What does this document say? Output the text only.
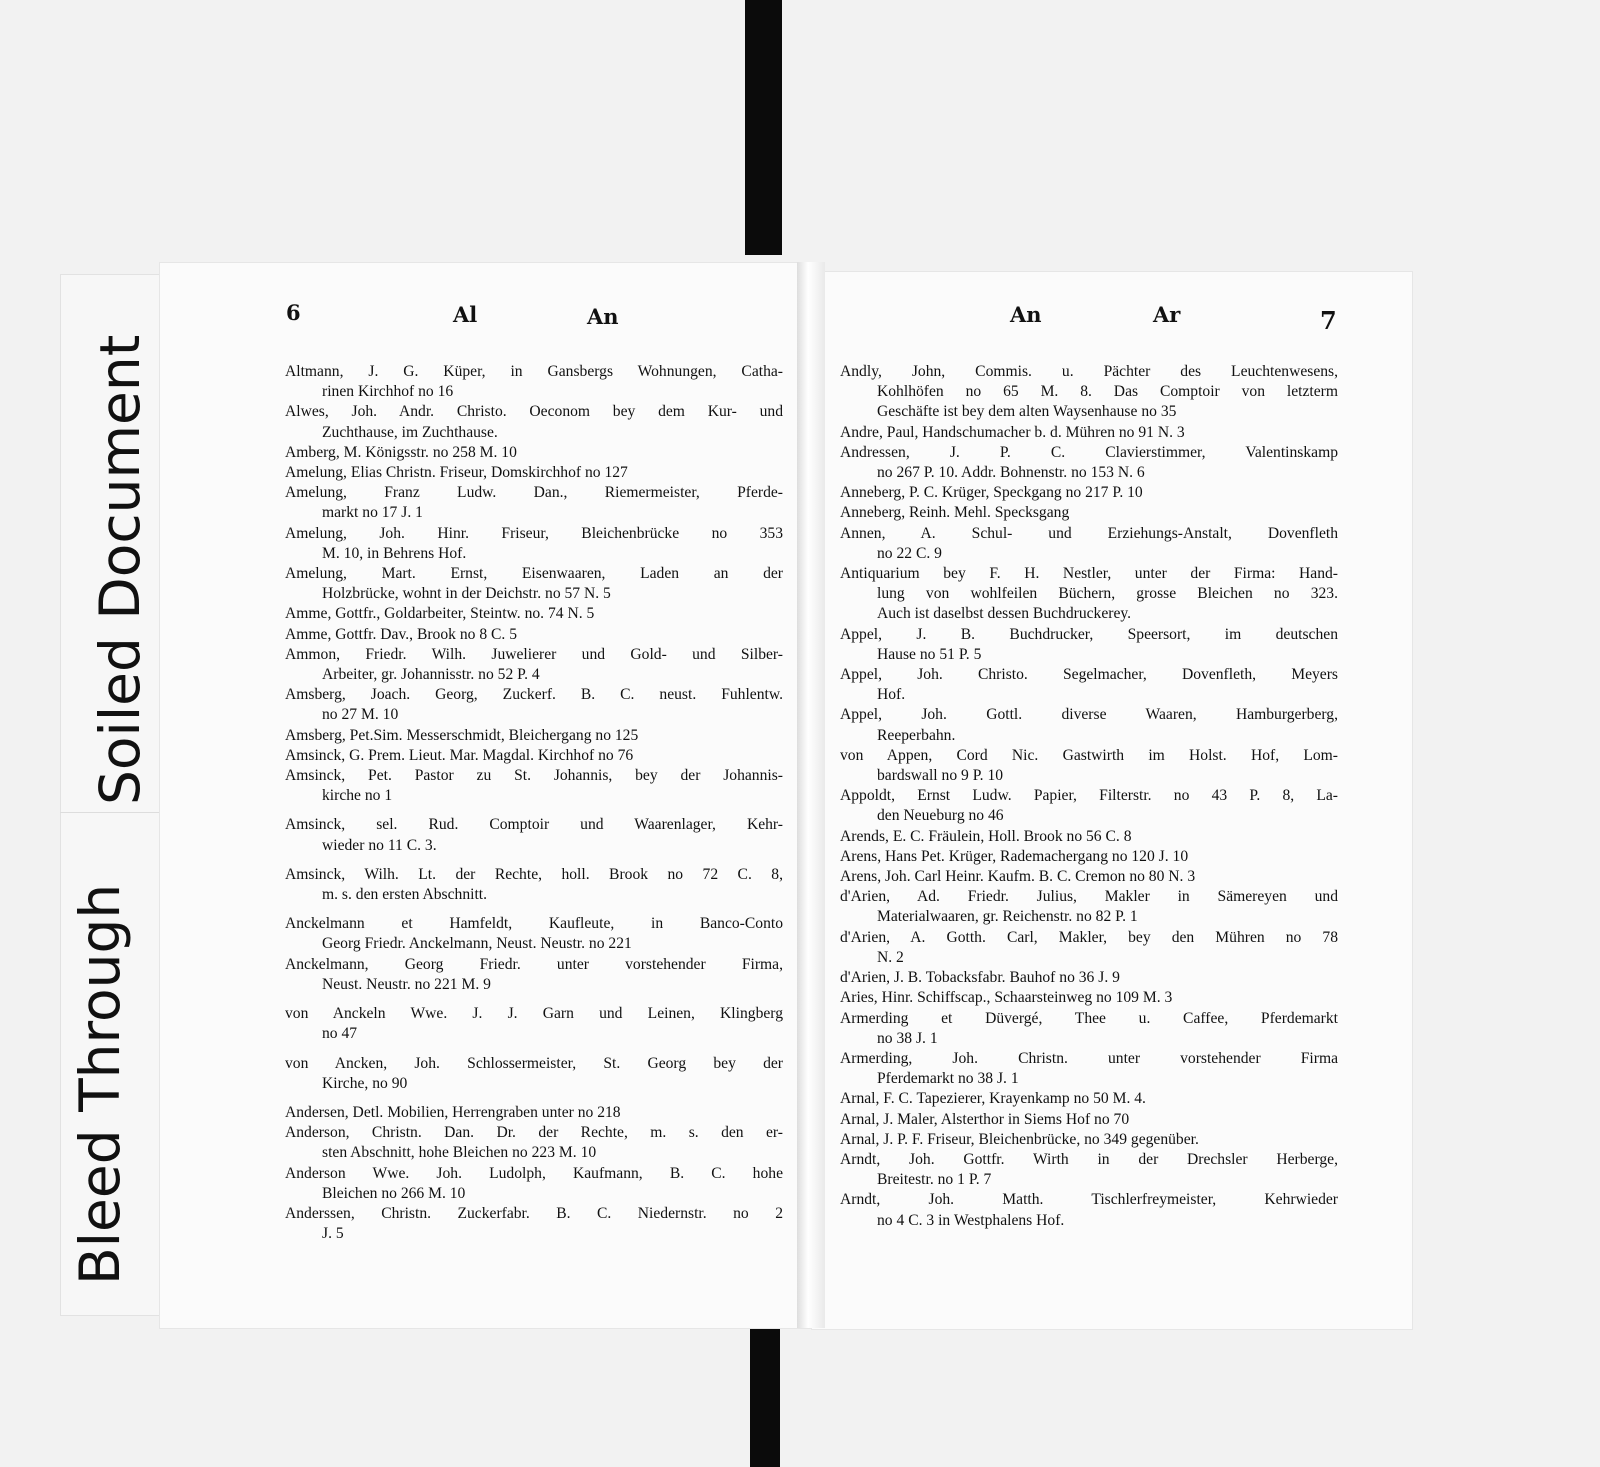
Soiled Document
Bleed Through
6	Al	An	An	Ar	7
Altmann, J. G. Küper, in Gansbergs Wohnungen, Catha-
rinen Kirchhof no 16
Alwes, Joh. Andr. Christo. Oeconom bey dem Kur- und
Zuchthause, im Zuchthause.
Amberg, M. Königsstr. no 258 M. 10
Amelung, Elias Christn. Friseur, Domskirchhof no 127
Amelung, Franz Ludw. Dan., Riemermeister, Pferde-
markt no 17 J. 1
Amelung, Joh. Hinr. Friseur, Bleichenbrücke no 353
M. 10, in Behrens Hof.
Amelung, Mart. Ernst, Eisenwaaren, Laden an der
Holzbrücke, wohnt in der Deichstr. no 57 N. 5
Amme, Gottfr., Goldarbeiter, Steintw. no. 74 N. 5
Amme, Gottfr. Dav., Brook no 8 C. 5
Ammon, Friedr. Wilh. Juwelierer und Gold- und Silber-
Arbeiter, gr. Johannisstr. no 52 P. 4
Amsberg, Joach. Georg, Zuckerf. B. C. neust. Fuhlentw.
no 27 M. 10
Amsberg, Pet.Sim. Messerschmidt, Bleichergang no 125
Amsinck, G. Prem. Lieut. Mar. Magdal. Kirchhof no 76
Amsinck, Pet. Pastor zu St. Johannis, bey der Johannis-
kirche no 1
Amsinck, sel. Rud. Comptoir und Waarenlager, Kehr-
wieder no 11 C. 3.
Amsinck, Wilh. Lt. der Rechte, holl. Brook no 72 C. 8,
m. s. den ersten Abschnitt.
Anckelmann et Hamfeldt, Kaufleute, in Banco-Conto
Georg Friedr. Anckelmann, Neust. Neustr. no 221
Anckelmann, Georg Friedr. unter vorstehender Firma,
Neust. Neustr. no 221 M. 9
von Anckeln Wwe. J. J. Garn und Leinen, Klingberg
no 47
von Ancken, Joh. Schlossermeister, St. Georg bey der
Kirche, no 90
Andersen, Detl. Mobilien, Herrengraben unter no 218
Anderson, Christn. Dan. Dr. der Rechte, m. s. den er-
sten Abschnitt, hohe Bleichen no 223 M. 10
Anderson Wwe. Joh. Ludolph, Kaufmann, B. C. hohe
Bleichen no 266 M. 10
Anderssen, Christn. Zuckerfabr. B. C. Niedernstr. no 2
J. 5
Andly, John, Commis. u. Pächter des Leuchtenwesens,
Kohlhöfen no 65 M. 8. Das Comptoir von letzterm
Geschäfte ist bey dem alten Waysenhause no 35
Andre, Paul, Handschumacher b. d. Mühren no 91 N. 3
Andressen, J. P. C. Clavierstimmer, Valentinskamp
no 267 P. 10. Addr. Bohnenstr. no 153 N. 6
Anneberg, P. C. Krüger, Speckgang no 217 P. 10
Anneberg, Reinh. Mehl. Specksgang
Annen, A. Schul- und Erziehungs-Anstalt, Dovenfleth
no 22 C. 9
Antiquarium bey F. H. Nestler, unter der Firma: Hand-
lung von wohlfeilen Büchern, grosse Bleichen no 323.
Auch ist daselbst dessen Buchdruckerey.
Appel, J. B. Buchdrucker, Speersort, im deutschen
Hause no 51 P. 5
Appel, Joh. Christo. Segelmacher, Dovenfleth, Meyers
Hof.
Appel, Joh. Gottl. diverse Waaren, Hamburgerberg,
Reeperbahn.
von Appen, Cord Nic. Gastwirth im Holst. Hof, Lom-
bardswall no 9 P. 10
Appoldt, Ernst Ludw. Papier, Filterstr. no 43 P. 8, La-
den Neueburg no 46
Arends, E. C. Fräulein, Holl. Brook no 56 C. 8
Arens, Hans Pet. Krüger, Rademachergang no 120 J. 10
Arens, Joh. Carl Heinr. Kaufm. B. C. Cremon no 80 N. 3
d'Arien, Ad. Friedr. Julius, Makler in Sämereyen und
Materialwaaren, gr. Reichenstr. no 82 P. 1
d'Arien, A. Gotth. Carl, Makler, bey den Mühren no 78
N. 2
d'Arien, J. B. Tobacksfabr. Bauhof no 36 J. 9
Aries, Hinr. Schiffscap., Schaarsteinweg no 109 M. 3
Armerding et Düvergé, Thee u. Caffee, Pferdemarkt
no 38 J. 1
Armerding, Joh. Christn. unter vorstehender Firma
Pferdemarkt no 38 J. 1
Arnal, F. C. Tapezierer, Krayenkamp no 50 M. 4.
Arnal, J. Maler, Alsterthor in Siems Hof no 70
Arnal, J. P. F. Friseur, Bleichenbrücke, no 349 gegenüber.
Arndt, Joh. Gottfr. Wirth in der Drechsler Herberge,
Breitestr. no 1 P. 7
Arndt, Joh. Matth. Tischlerfreymeister, Kehrwieder
no 4 C. 3 in Westphalens Hof.
